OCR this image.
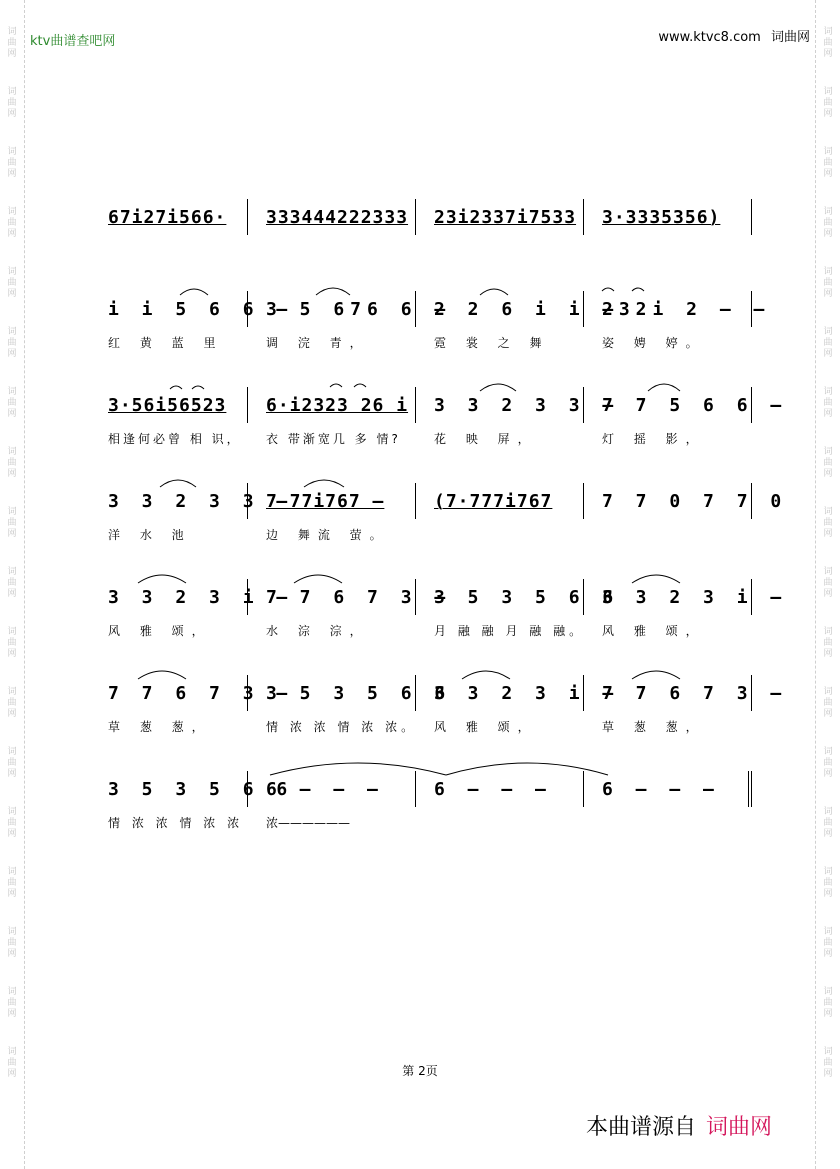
词曲网
词曲网
词曲网
词曲网
词曲网
词曲网
词曲网
词曲网
词曲网
词曲网
词曲网
词曲网
词曲网
词曲网
词曲网
词曲网
词曲网
词曲网
词曲网
词曲网
词曲网
词曲网
词曲网
词曲网
词曲网
词曲网
词曲网
词曲网
词曲网
词曲网
词曲网
词曲网
词曲网
词曲网
词曲网
词曲网
ktv曲谱查吧网	www.ktvc8.com 词曲网
67i27i566· 333444222333 23i2337i7533 3·3335356)
i i 5 6 6 –
3 5 676 6 –
2 2 6 i i –
232i 2 – –
红 黄 蓝 里	调 浣 青，	霓 裳 之 舞	姿 娉 婷。
3·56i56523 6·i2323 26 i 3 3 2 3 3 –
7 7 5 6 6 –
相逢何必曾 相 识，	衣 带渐宽几 多 情?	花 映 屏，	灯 摇 影，
3 3 2 3 3 –
7 77i767 –	(7·777i767	7 7 0 7 7 0
洋 水 池	边 舞流 萤。
3 3 2 3 i –
7 7 6 7 3 –
3 5 3 5 6 6
3 3 2 3 i –
风 雅 颂，	水 淙 淙，	月 融 融 月 融 融。	风 雅 颂，
7 7 6 7 3 –
3 5 3 5 6 6
3 3 2 3 i –
7 7 6 7 3 –
草 葱 葱，	情 浓 浓 情 浓 浓。	风 雅 颂，	草 葱 葱，
3 5 3 5 6 6
6 – – –	6 – – –	6 – – –
情 浓 浓 情 浓 浓	浓——————
第 2页
本曲谱源自 词曲网
